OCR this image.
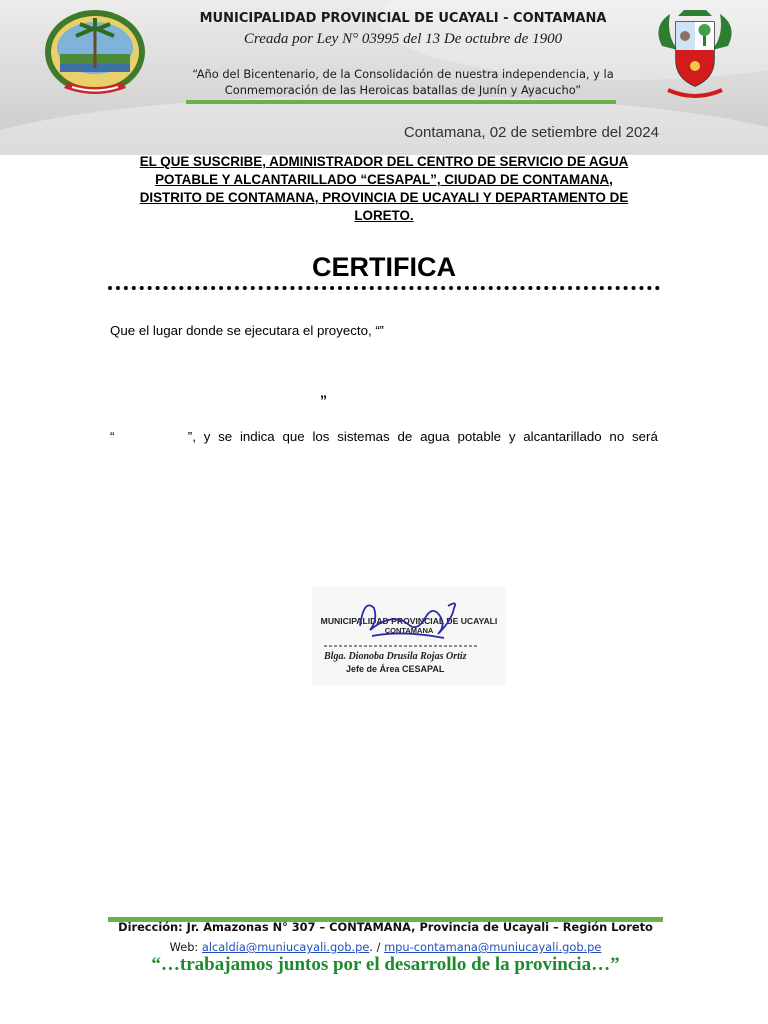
MUNICIPALIDAD PROVINCIAL DE UCAYALI - CONTAMANA
Creada por Ley N° 03995 del 13 De octubre de 1900
“Año del Bicentenario, de la Consolidación de nuestra independencia, y la
Conmemoración de las Heroicas batallas de Junín y Ayacucho”
Contamana, 02 de setiembre del 2024
EL QUE SUSCRIBE, ADMINISTRADOR DEL CENTRO DE SERVICIO DE AGUA
POTABLE Y ALCANTARILLADO “CESAPAL”, CIUDAD DE CONTAMANA,
DISTRITO DE CONTAMANA, PROVINCIA DE UCAYALI Y DEPARTAMENTO DE
LORETO.
CERTIFICA
Que el lugar donde se ejecutara el proyecto, “‟
”
“	”, y se indica que los sistemas de agua potable y alcantarillado no será
MUNICIPALIDAD PROVINCIAL DE UCAYALI
CONTAMANA
Blga. Dionoba Drusila Rojas Ortiz
Jefe de Área CESAPAL
Dirección: Jr. Amazonas N° 307 – CONTAMANA, Provincia de Ucayali – Región Loreto
Web: alcaldía@muniucayali.gob.pe. / mpu-contamana@muniucayali.gob.pe
“…trabajamos juntos por el desarrollo de la provincia…”
